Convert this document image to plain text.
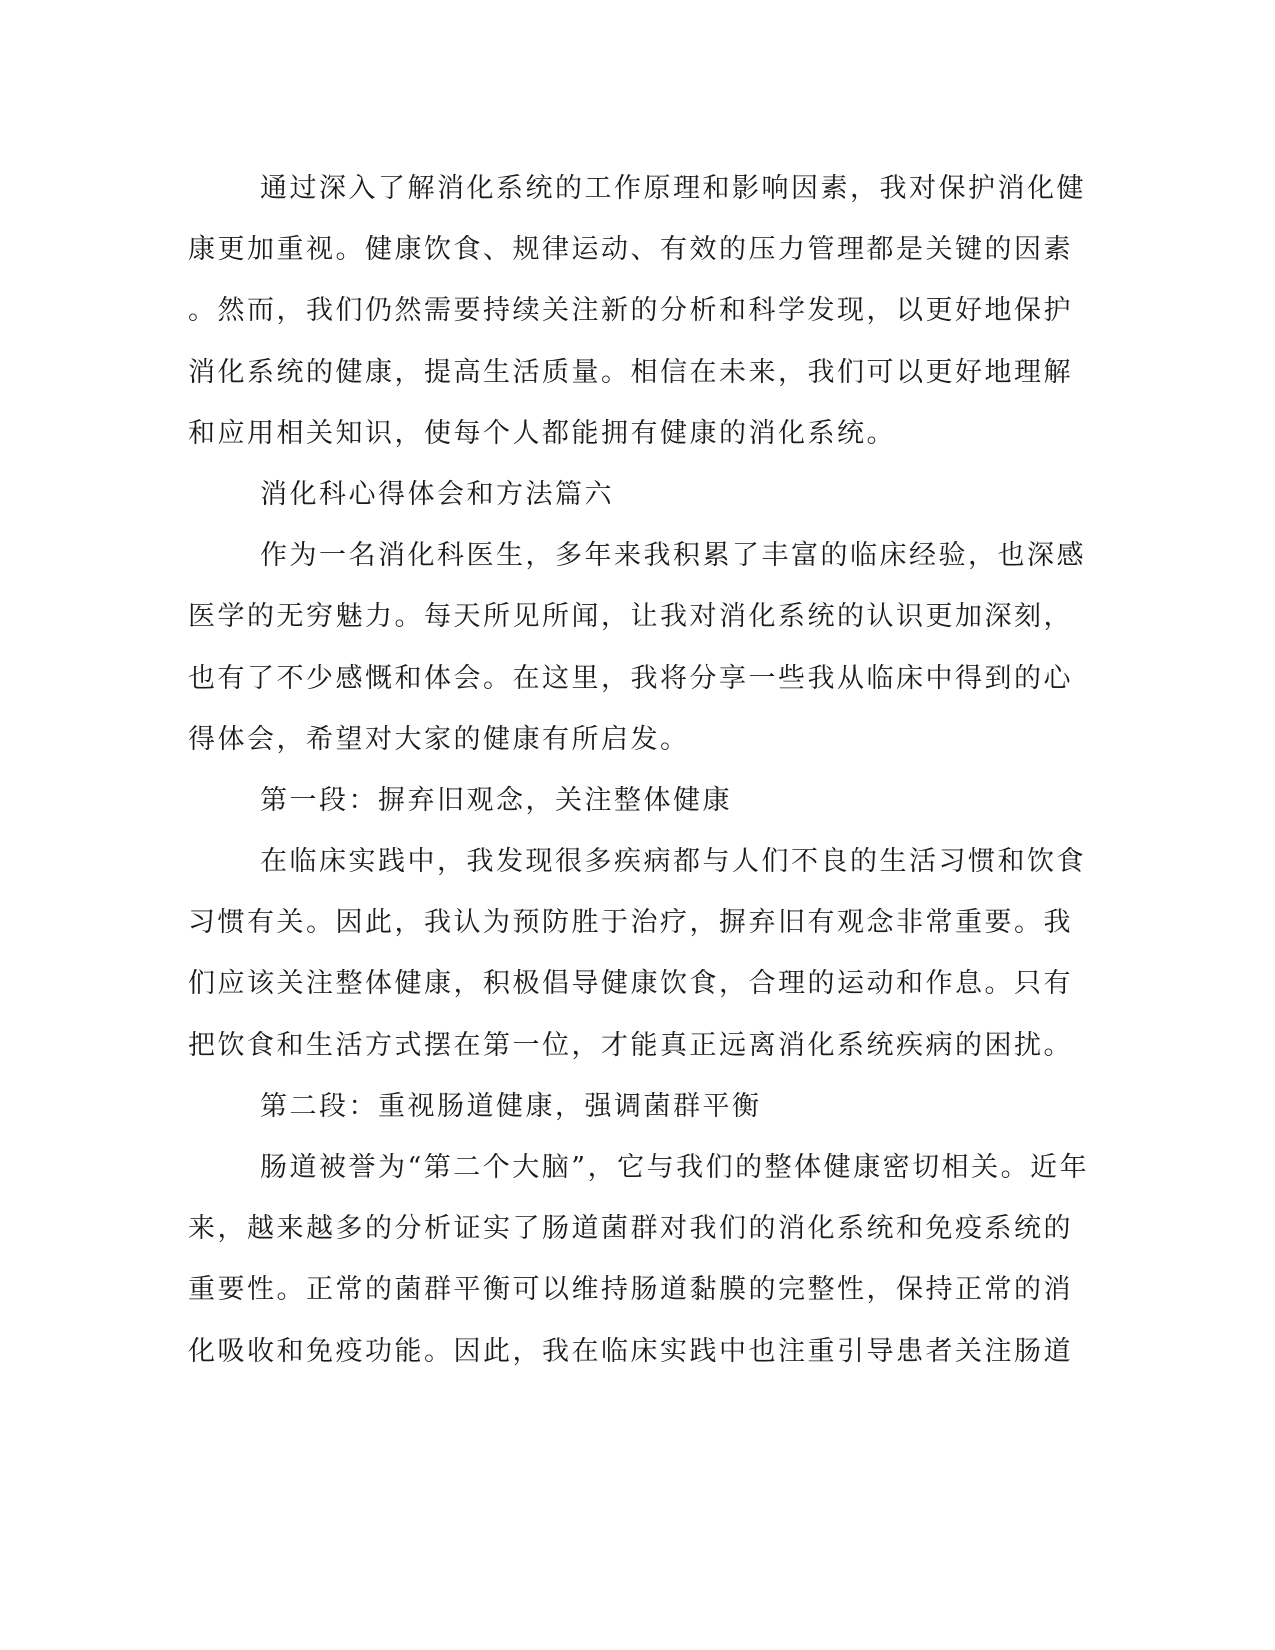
通过深入了解消化系统的工作原理和影响因素，我对保护消化健
康更加重视。健康饮食、规律运动、有效的压力管理都是关键的因素
。然而，我们仍然需要持续关注新的分析和科学发现，以更好地保护
消化系统的健康，提高生活质量。相信在未来，我们可以更好地理解
和应用相关知识，使每个人都能拥有健康的消化系统。
消化科心得体会和方法篇六
作为一名消化科医生，多年来我积累了丰富的临床经验，也深感
医学的无穷魅力。每天所见所闻，让我对消化系统的认识更加深刻，
也有了不少感慨和体会。在这里，我将分享一些我从临床中得到的心
得体会，希望对大家的健康有所启发。
第一段：摒弃旧观念，关注整体健康
在临床实践中，我发现很多疾病都与人们不良的生活习惯和饮食
习惯有关。因此，我认为预防胜于治疗，摒弃旧有观念非常重要。我
们应该关注整体健康，积极倡导健康饮食，合理的运动和作息。只有
把饮食和生活方式摆在第一位，才能真正远离消化系统疾病的困扰。
第二段：重视肠道健康，强调菌群平衡
肠道被誉为“第二个大脑”，它与我们的整体健康密切相关。近年
来，越来越多的分析证实了肠道菌群对我们的消化系统和免疫系统的
重要性。正常的菌群平衡可以维持肠道黏膜的完整性，保持正常的消
化吸收和免疫功能。因此，我在临床实践中也注重引导患者关注肠道
